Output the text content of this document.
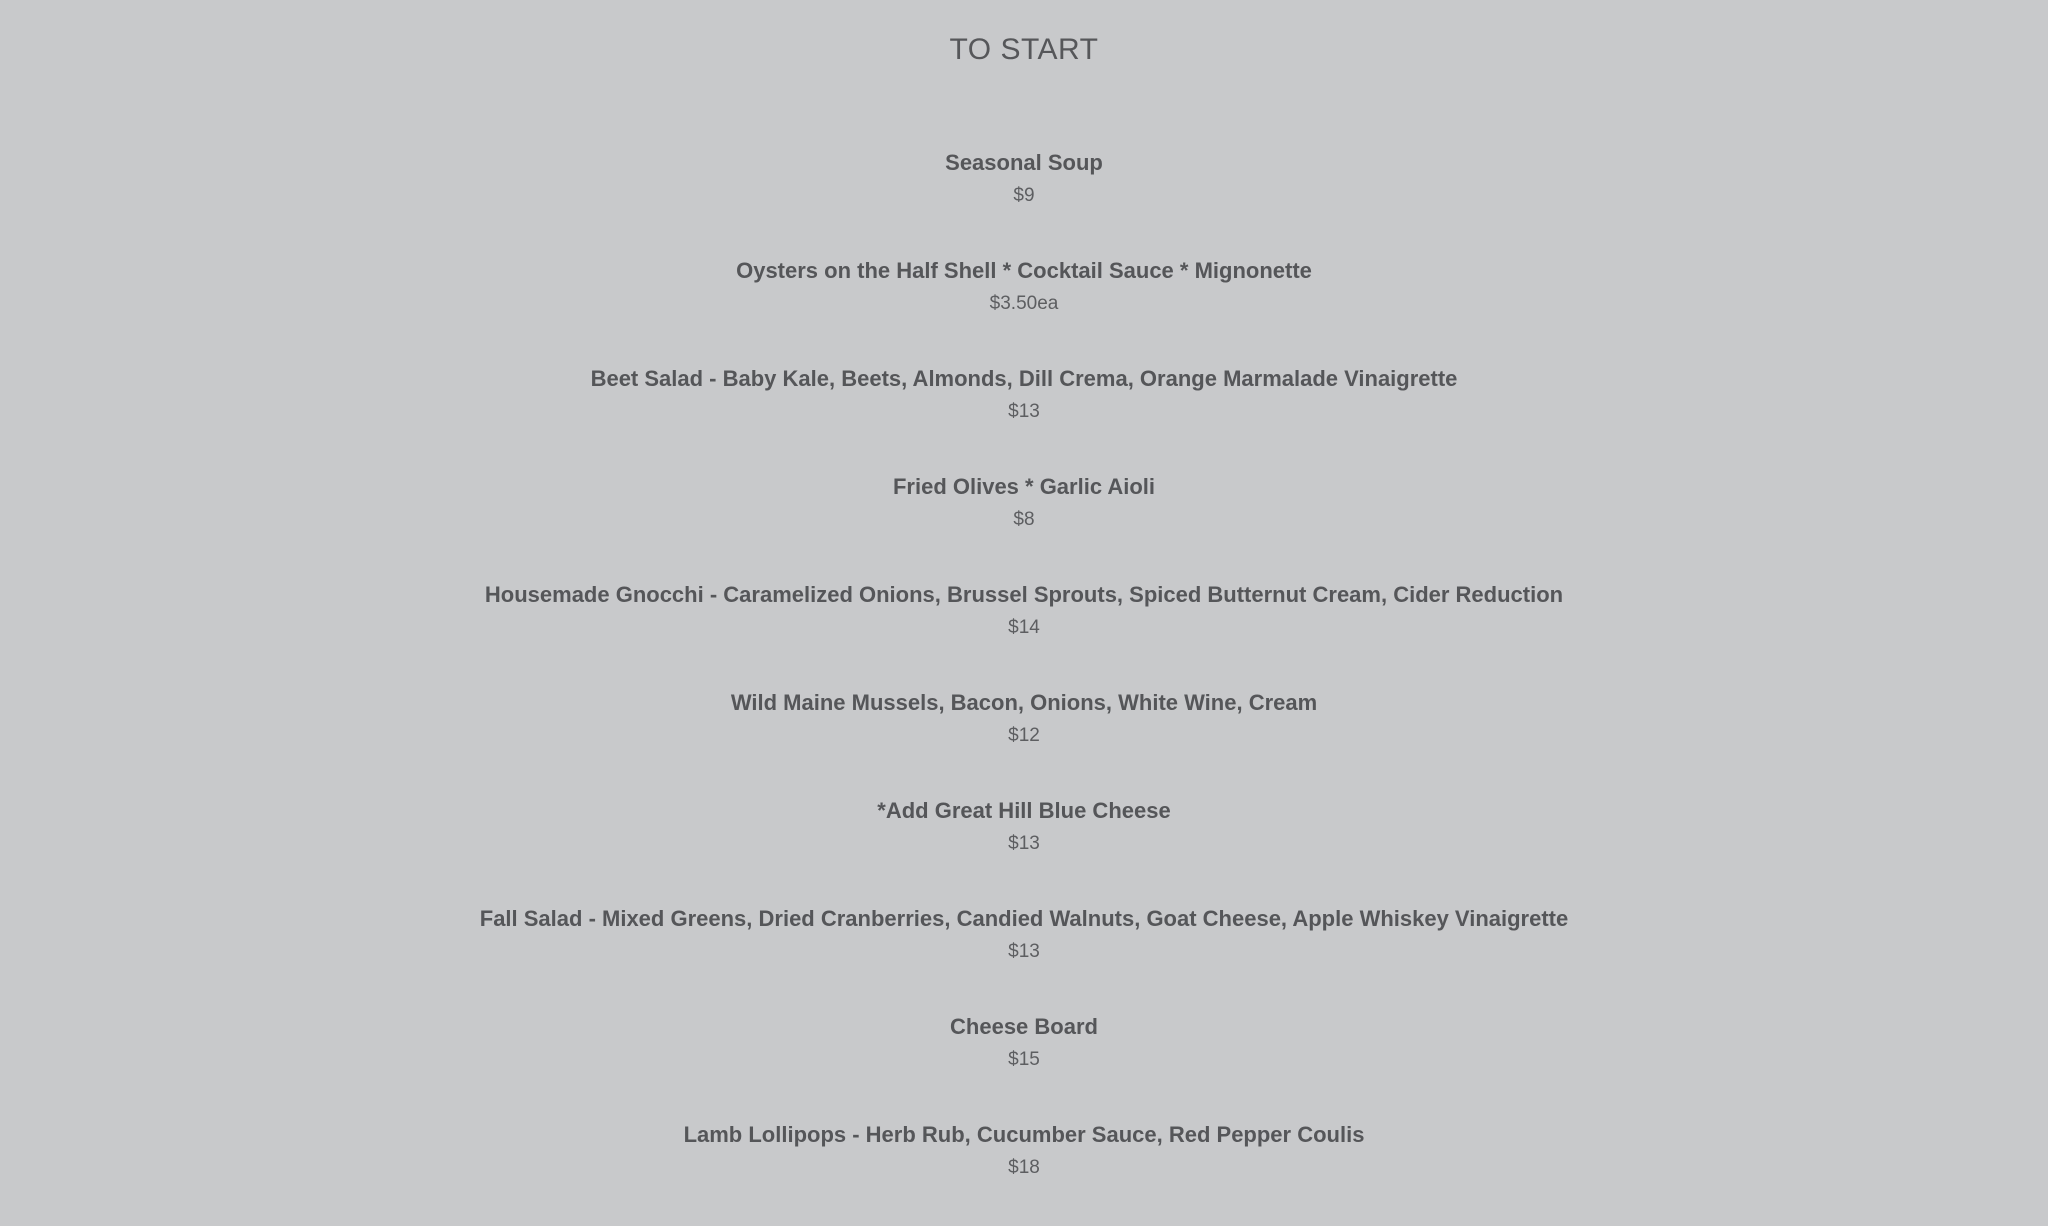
TO START
Seasonal Soup
$9
Oysters on the Half Shell * Cocktail Sauce * Mignonette
$3.50ea
Beet Salad - Baby Kale, Beets, Almonds, Dill Crema, Orange Marmalade Vinaigrette
$13
Fried Olives * Garlic Aioli
$8
Housemade Gnocchi - Caramelized Onions, Brussel Sprouts, Spiced Butternut Cream, Cider Reduction
$14
Wild Maine Mussels, Bacon, Onions, White Wine, Cream
$12
*Add Great Hill Blue Cheese
$13
Fall Salad - Mixed Greens, Dried Cranberries, Candied Walnuts, Goat Cheese, Apple Whiskey Vinaigrette
$13
Cheese Board
$15
Lamb Lollipops - Herb Rub, Cucumber Sauce, Red Pepper Coulis
$18
